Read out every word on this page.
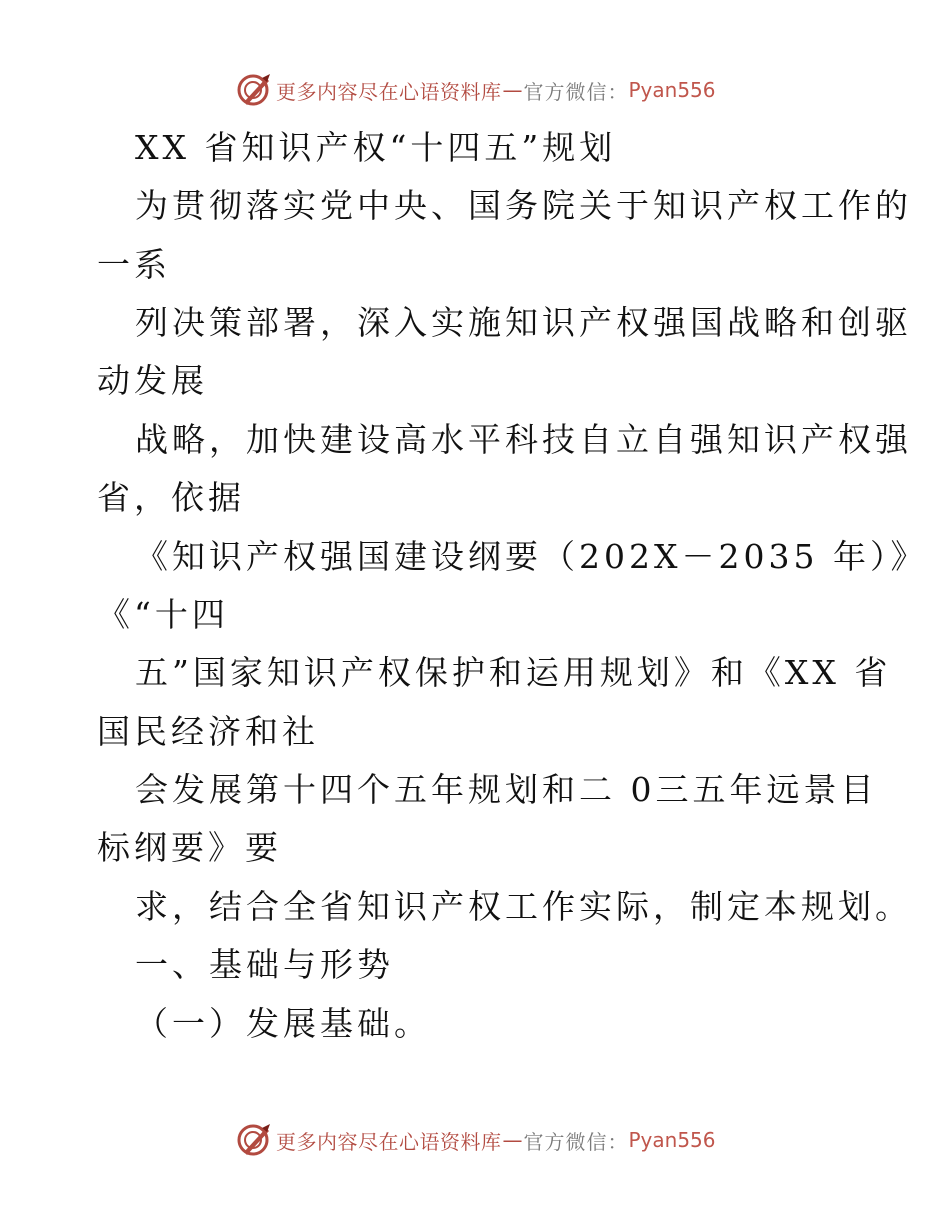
更多内容尽在心语资料库 — 官方微信： Pyan556
XX 省知识产权“十四五”规划
为贯彻落实党中央、国务院关于知识产权工作的
一系
列决策部署，深入实施知识产权强国战略和创驱
动发展
战略，加快建设高水平科技自立自强知识产权强
省，依据
《知识产权强国建设纲要（202X－2035 年）》
《“十四
五”国家知识产权保护和运用规划》和《XX 省
国民经济和社
会发展第十四个五年规划和二 0三五年远景目
标纲要》要
求，结合全省知识产权工作实际，制定本规划。
一、基础与形势
（一）发展基础。
更多内容尽在心语资料库 — 官方微信： Pyan556
